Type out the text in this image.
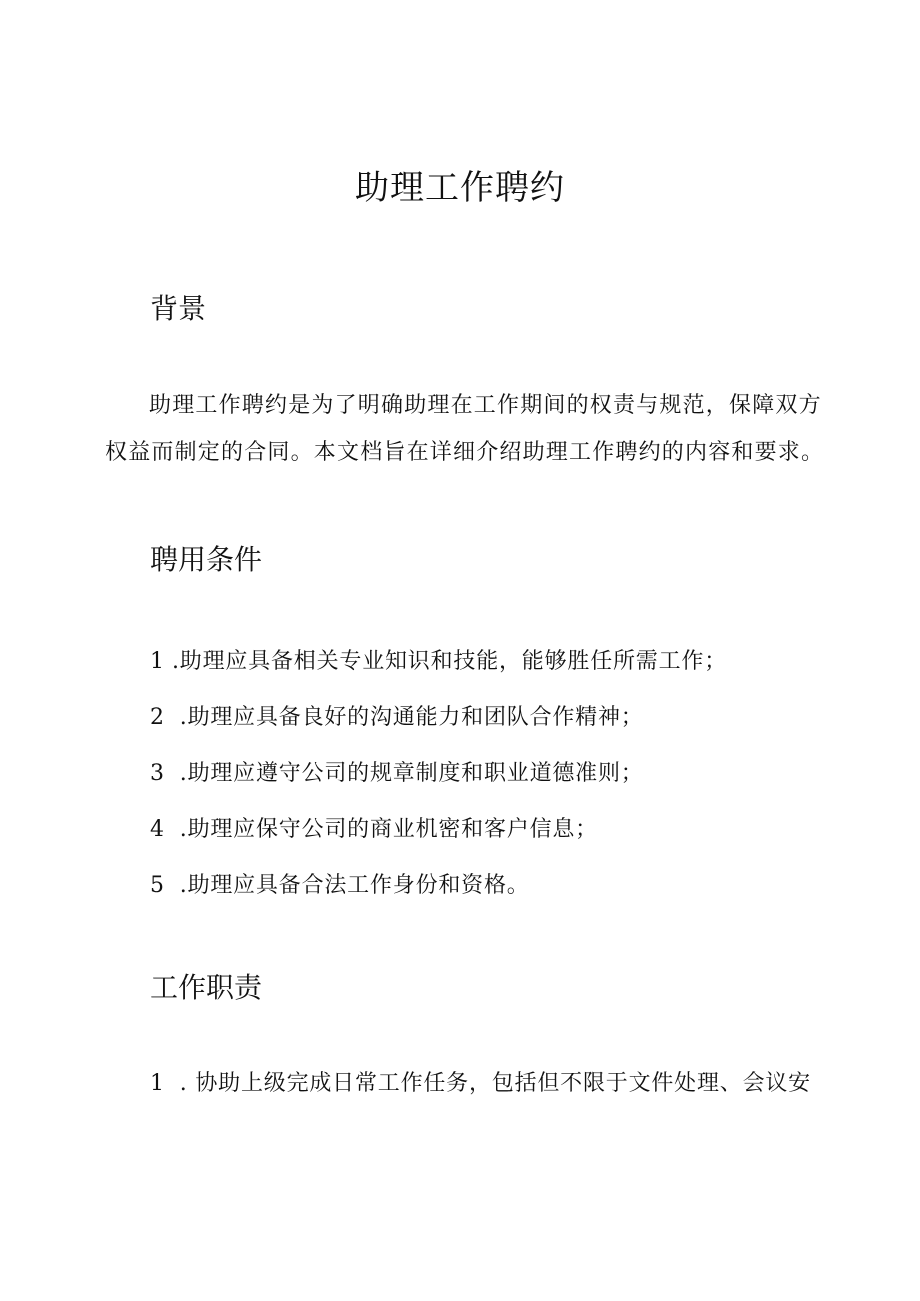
助理工作聘约
背景

助理工作聘约是为了明确助理在工作期间的权责与规范，保障双方
权益而制定的合同。本文档旨在详细介绍助理工作聘约的内容和要求。

聘用条件
1 .助理应具备相关专业知识和技能，能够胜任所需工作；
2 .助理应具备良好的沟通能力和团队合作精神；
3 .助理应遵守公司的规章制度和职业道德准则；
4 .助理应保守公司的商业机密和客户信息；
5 .助理应具备合法工作身份和资格。
工作职责
1 . 协助上级完成日常工作任务，包括但不限于文件处理、会议安
